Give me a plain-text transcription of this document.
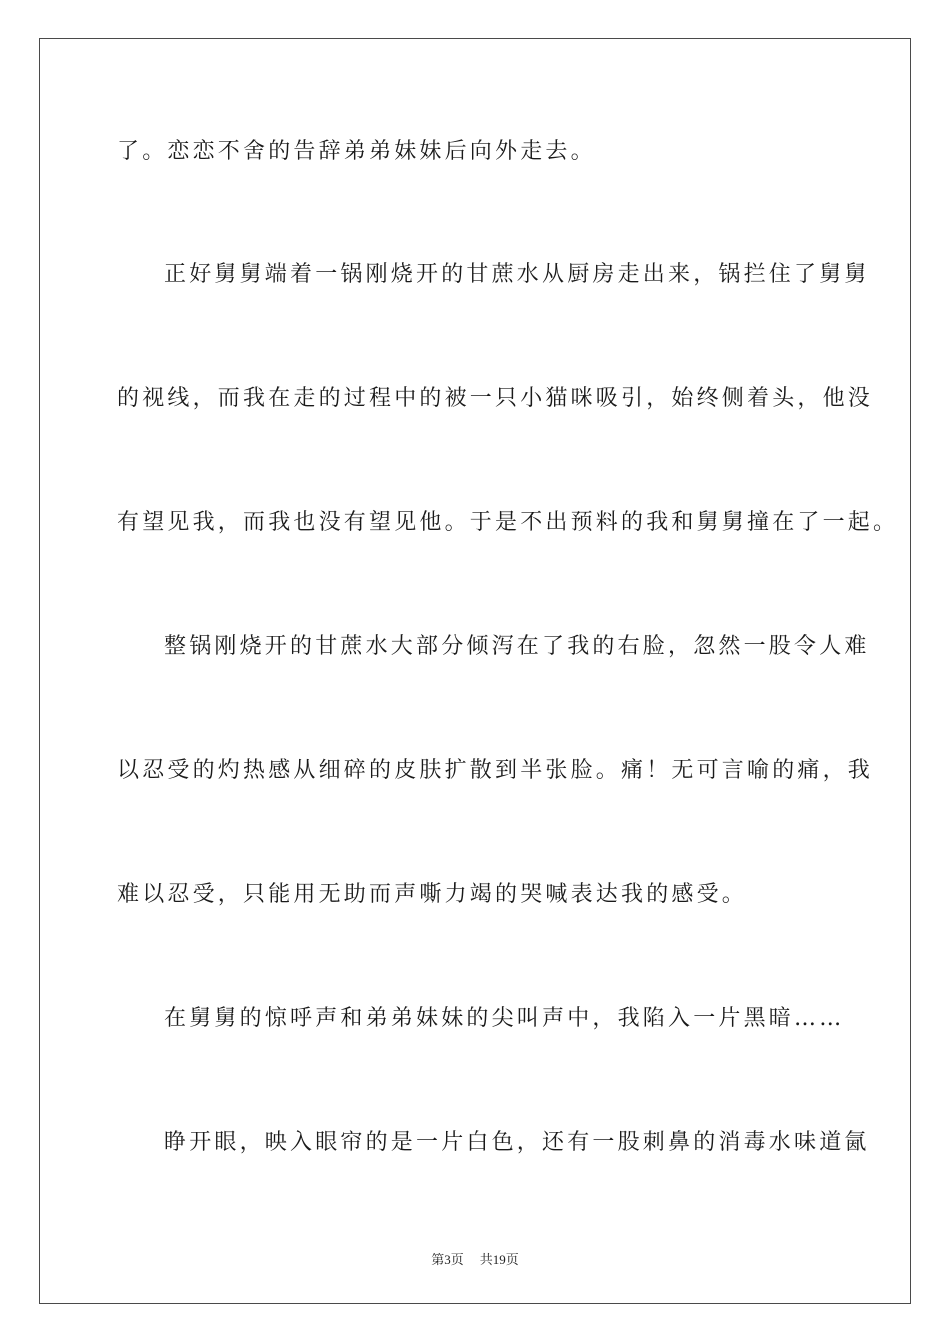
了。恋恋不舍的告辞弟弟妹妹后向外走去。
正好舅舅端着一锅刚烧开的甘蔗水从厨房走出来，锅拦住了舅舅
的视线，而我在走的过程中的被一只小猫咪吸引，始终侧着头，他没
有望见我，而我也没有望见他。于是不出预料的我和舅舅撞在了一起。
整锅刚烧开的甘蔗水大部分倾泻在了我的右脸，忽然一股令人难
以忍受的灼热感从细碎的皮肤扩散到半张脸。痛！无可言喻的痛，我
难以忍受，只能用无助而声嘶力竭的哭喊表达我的感受。
在舅舅的惊呼声和弟弟妹妹的尖叫声中，我陷入一片黑暗……
睁开眼，映入眼帘的是一片白色，还有一股刺鼻的消毒水味道氤
第3页 共19页
